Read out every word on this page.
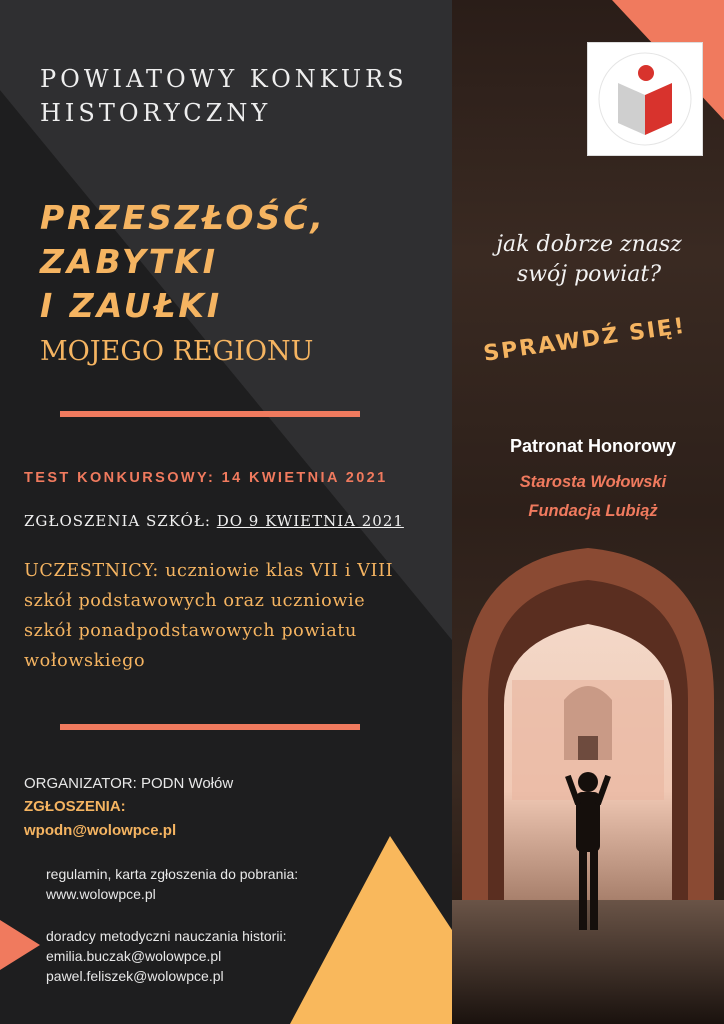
POWIATOWY KONKURS
HISTORYCZNY
PRZESZŁOŚĆ,
ZABYTKI
I ZAUŁKI
MOJEGO REGIONU
TEST KONKURSOWY: 14 KWIETNIA 2021
ZGŁOSZENIA SZKÓŁ: DO 9 KWIETNIA 2021
UCZESTNICY: uczniowie klas VII i VIII
szkół podstawowych oraz uczniowie
szkół ponadpodstawowych powiatu
wołowskiego
ORGANIZATOR: PODN Wołów
ZGŁOSZENIA:
wpodn@wolowpce.pl
regulamin, karta zgłoszenia do pobrania:
www.wolowpce.pl
doradcy metodyczni nauczania historii:
emilia.buczak@wolowpce.pl
pawel.feliszek@wolowpce.pl
jak dobrze znasz
swój powiat?
SPRAWDŹ SIĘ!
Patronat Honorowy
Starosta Wołowski
Fundacja Lubiąż
